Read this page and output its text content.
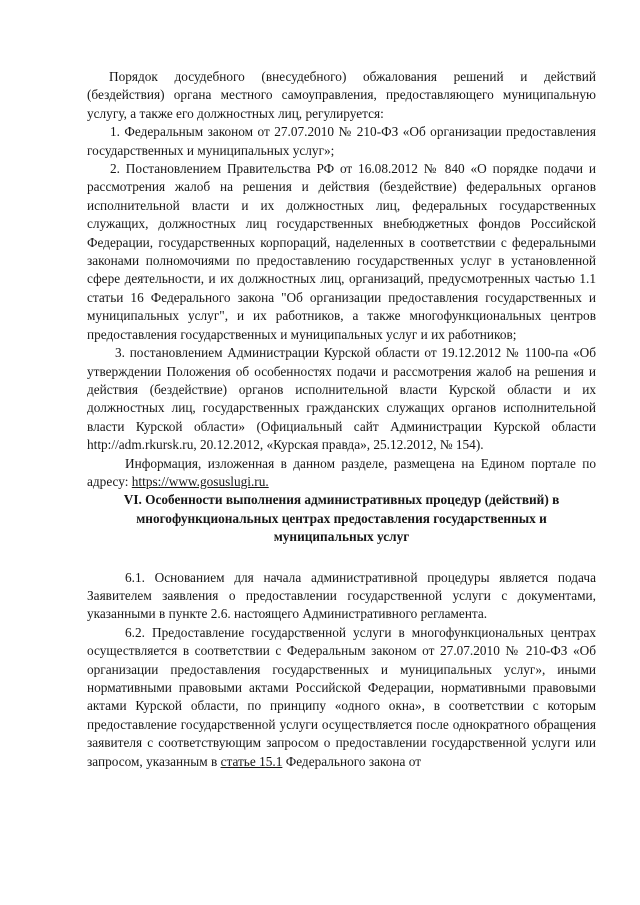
Порядок досудебного (внесудебного) обжалования решений и действий (бездействия) органа местного самоуправления, предоставляющего муниципальную услугу, а также его должностных лиц, регулируется:

1. Федеральным законом от 27.07.2010 № 210-ФЗ «Об организации предоставления государственных и муниципальных услуг»;

2. Постановлением Правительства РФ от 16.08.2012 № 840 «О порядке подачи и рассмотрения жалоб на решения и действия (бездействие) федеральных органов исполнительной власти и их должностных лиц, федеральных государственных служащих, должностных лиц государственных внебюджетных фондов Российской Федерации, государственных корпораций, наделенных в соответствии с федеральными законами полномочиями по предоставлению государственных услуг в установленной сфере деятельности, и их должностных лиц, организаций, предусмотренных частью 1.1 статьи 16 Федерального закона "Об организации предоставления государственных и муниципальных услуг", и их работников, а также многофункциональных центров предоставления государственных и муниципальных услуг и их работников;

3. постановлением Администрации Курской области от 19.12.2012 № 1100-па «Об утверждении Положения об особенностях подачи и рассмотрения жалоб на решения и действия (бездействие) органов исполнительной власти Курской области и их должностных лиц, государственных гражданских служащих органов исполнительной власти Курской области» (Официальный сайт Администрации Курской области http://adm.rkursk.ru, 20.12.2012, «Курская правда», 25.12.2012, № 154).

Информация, изложенная в данном разделе, размещена на Едином портале по адресу: https://www.gosuslugi.ru.

VI. Особенности выполнения административных процедур (действий) в многофункциональных центрах предоставления государственных и муниципальных услуг

6.1. Основанием для начала административной процедуры является подача Заявителем заявления о предоставлении государственной услуги с документами, указанными в пункте 2.6. настоящего Административного регламента.

6.2. Предоставление государственной услуги в многофункциональных центрах осуществляется в соответствии с Федеральным законом от 27.07.2010 № 210-ФЗ «Об организации предоставления государственных и муниципальных услуг», иными нормативными правовыми актами Российской Федерации, нормативными правовыми актами Курской области, по принципу «одного окна», в соответствии с которым предоставление государственной услуги осуществляется после однократного обращения заявителя с соответствующим запросом о предоставлении государственной услуги или запросом, указанным в статье 15.1 Федерального закона от
